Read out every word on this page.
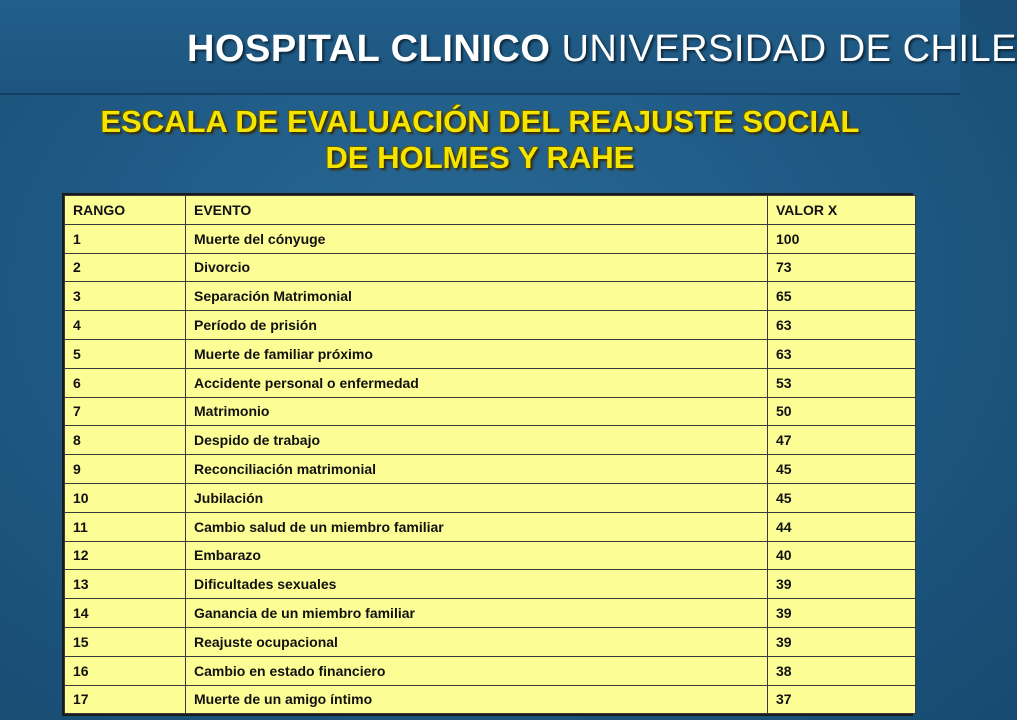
HOSPITAL CLINICO UNIVERSIDAD DE CHILE
ESCALA DE EVALUACIÓN DEL REAJUSTE SOCIAL
DE HOLMES Y RAHE
RANGO	EVENTO	VALOR X
1	Muerte del cónyuge	100
2	Divorcio	73
3	Separación Matrimonial	65
4	Período de prisión	63
5	Muerte de familiar próximo	63
6	Accidente personal o enfermedad	53
7	Matrimonio	50
8	Despido de trabajo	47
9	Reconciliación matrimonial	45
10	Jubilación	45
11	Cambio salud de un miembro familiar	44
12	Embarazo	40
13	Dificultades sexuales	39
14	Ganancia de un miembro familiar	39
15	Reajuste ocupacional	39
16	Cambio en estado financiero	38
17	Muerte de un amigo íntimo	37
